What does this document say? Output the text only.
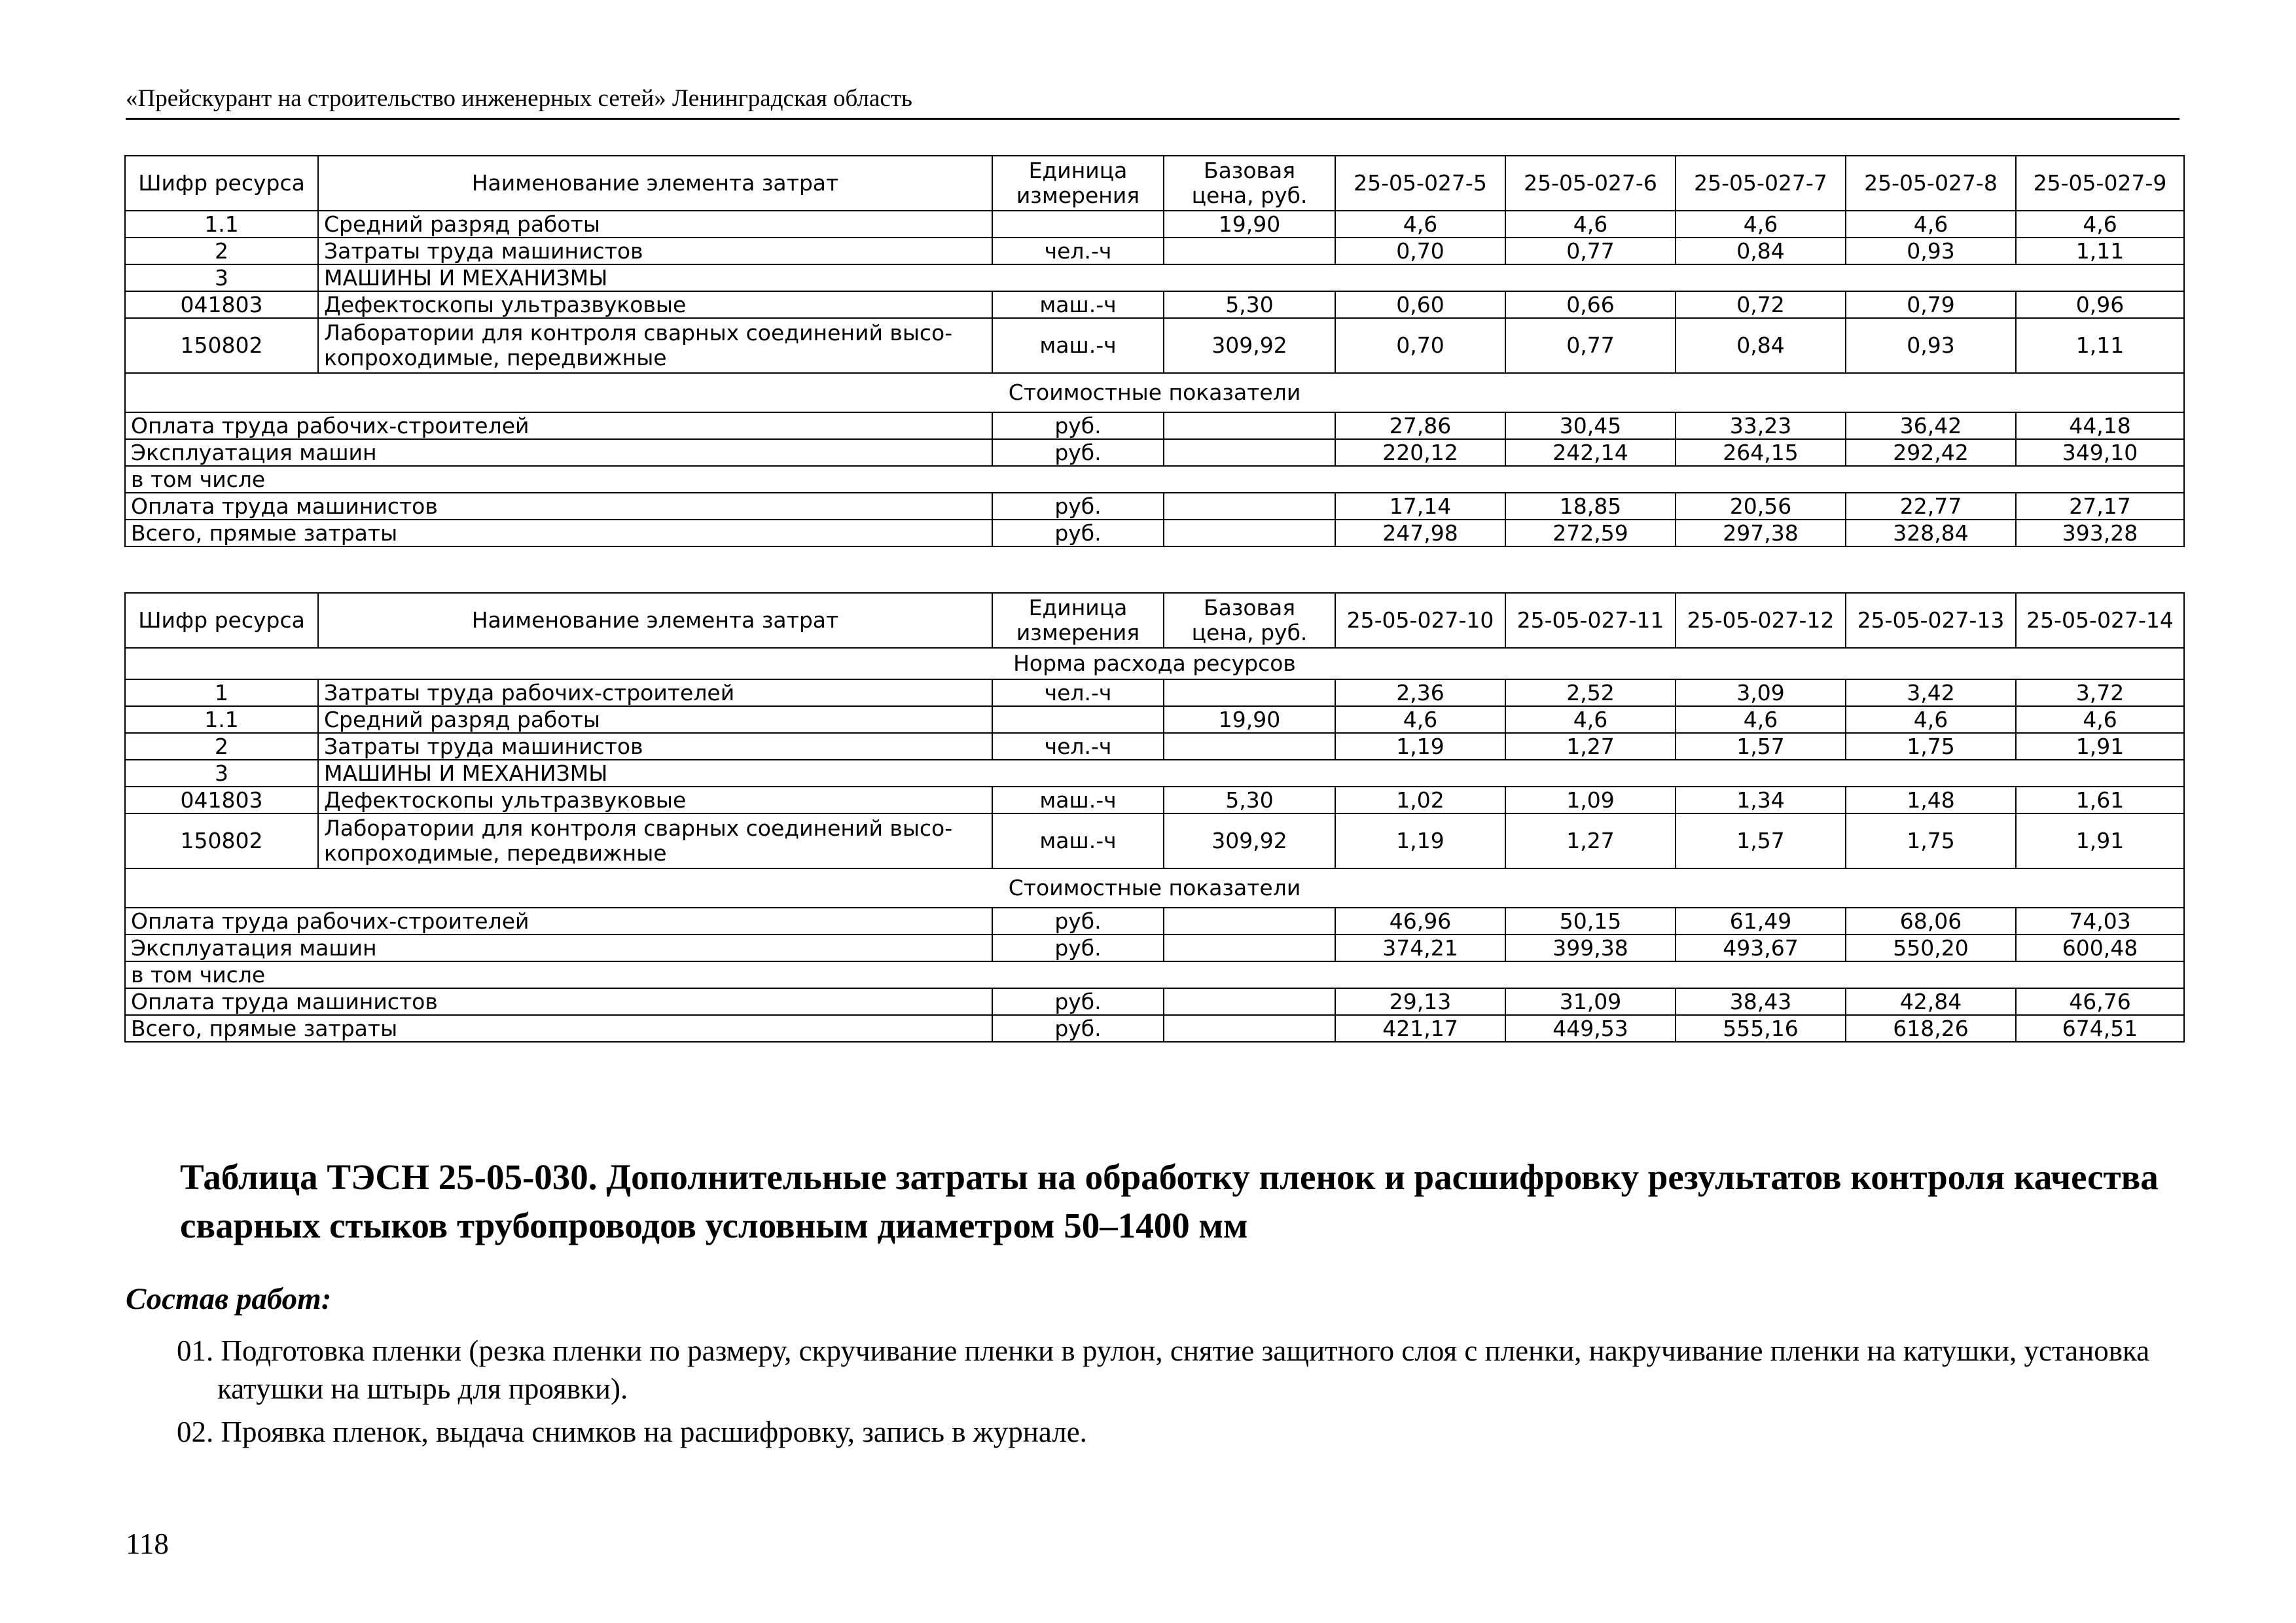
«Прейскурант на строительство инженерных сетей» Ленинградская область
Шифр ресурса	Наименование элемента затрат	Единица измерения	Базовая цена, руб.	25-05-027-5	25-05-027-6	25-05-027-7	25-05-027-8	25-05-027-9
1.1	Средний разряд работы		19,90	4,6	4,6	4,6	4,6	4,6
2	Затраты труда машинистов	чел.-ч		0,70	0,77	0,84	0,93	1,11
3	МАШИНЫ И МЕХАНИЗМЫ							
041803	Дефектоскопы ультразвуковые	маш.-ч	5,30	0,60	0,66	0,72	0,79	0,96
150802	Лаборатории для контроля сварных соединений высо-копроходимые, передвижные	маш.-ч	309,92	0,70	0,77	0,84	0,93	1,11
Стоимостные показатели								
Оплата труда рабочих-строителей		руб.		27,86	30,45	33,23	36,42	44,18
Эксплуатация машин		руб.		220,12	242,14	264,15	292,42	349,10
в том числе								
Оплата труда машинистов		руб.		17,14	18,85	20,56	22,77	27,17
Всего, прямые затраты		руб.		247,98	272,59	297,38	328,84	393,28
Шифр ресурса	Наименование элемента затрат	Единица измерения	Базовая цена, руб.	25-05-027-10	25-05-027-11	25-05-027-12	25-05-027-13	25-05-027-14
Норма расхода ресурсов								
1	Затраты труда рабочих-строителей	чел.-ч		2,36	2,52	3,09	3,42	3,72
1.1	Средний разряд работы		19,90	4,6	4,6	4,6	4,6	4,6
2	Затраты труда машинистов	чел.-ч		1,19	1,27	1,57	1,75	1,91
3	МАШИНЫ И МЕХАНИЗМЫ							
041803	Дефектоскопы ультразвуковые	маш.-ч	5,30	1,02	1,09	1,34	1,48	1,61
150802	Лаборатории для контроля сварных соединений высо-копроходимые, передвижные	маш.-ч	309,92	1,19	1,27	1,57	1,75	1,91
Стоимостные показатели								
Оплата труда рабочих-строителей		руб.		46,96	50,15	61,49	68,06	74,03
Эксплуатация машин		руб.		374,21	399,38	493,67	550,20	600,48
в том числе								
Оплата труда машинистов		руб.		29,13	31,09	38,43	42,84	46,76
Всего, прямые затраты		руб.		421,17	449,53	555,16	618,26	674,51
Таблица ТЭСН 25-05-030. Дополнительные затраты на обработку пленок и расшифровку результатов контроля качества сварных стыков трубопроводов условным диаметром 50–1400 мм
Состав работ:
01. Подготовка пленки (резка пленки по размеру, скручивание пленки в рулон, снятие защитного слоя с пленки, накручивание пленки на катушки, установка катушки на штырь для проявки).
02. Проявка пленок, выдача снимков на расшифровку, запись в журнале.
118
